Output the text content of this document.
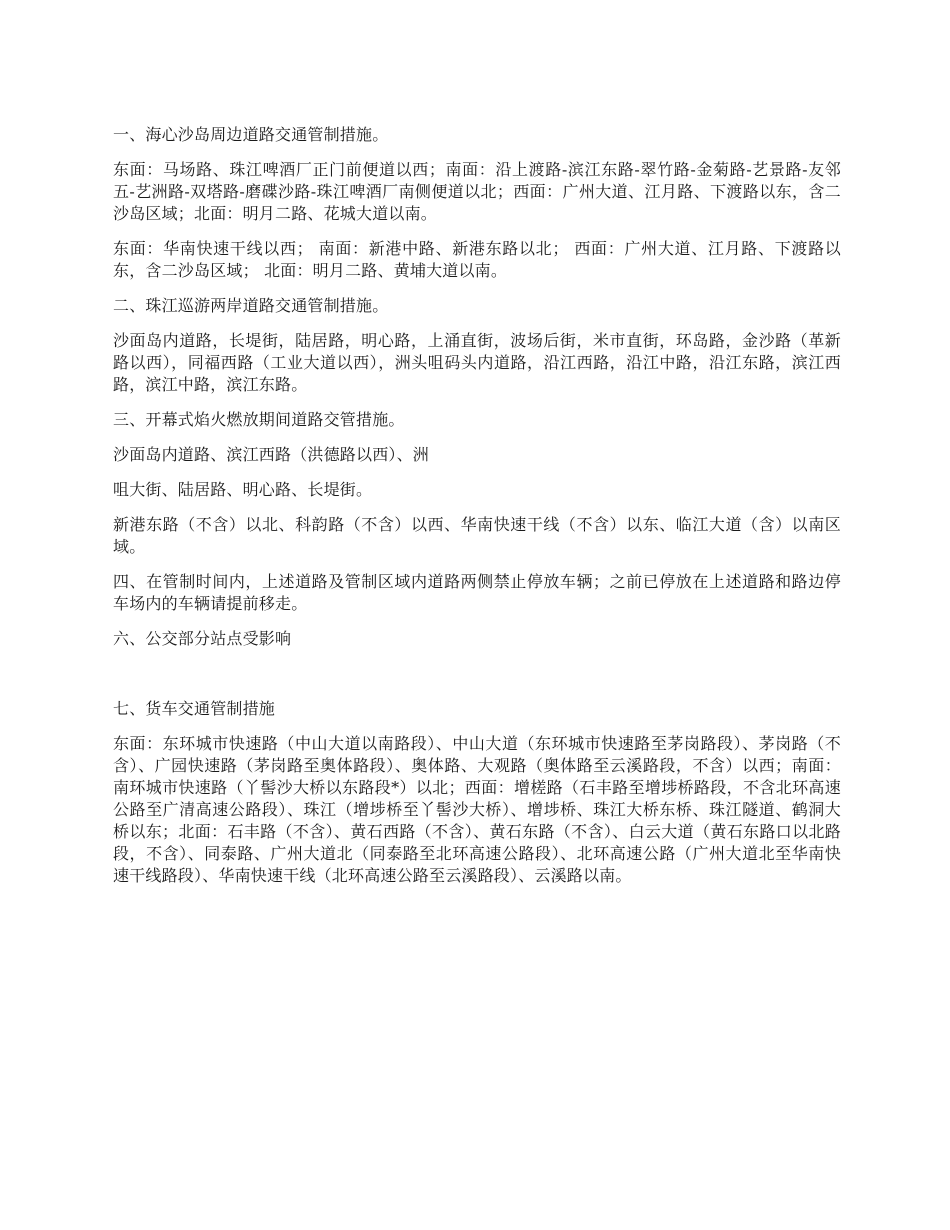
一、海心沙岛周边道路交通管制措施。

东面：马场路、珠江啤酒厂正门前便道以西；南面：沿上渡路-滨江东路-翠竹路-金菊路-艺景路-友邻五-艺洲路-双塔路-磨碟沙路-珠江啤酒厂南侧便道以北；西面：广州大道、江月路、下渡路以东，含二沙岛区域；北面：明月二路、花城大道以南。

东面：华南快速干线以西； 南面：新港中路、新港东路以北； 西面：广州大道、江月路、下渡路以东，含二沙岛区域； 北面：明月二路、黄埔大道以南。

二、珠江巡游两岸道路交通管制措施。

沙面岛内道路，长堤街，陆居路，明心路，上涌直街，波场后街，米市直街，环岛路，金沙路（革新路以西），同福西路（工业大道以西），洲头咀码头内道路，沿江西路，沿江中路，沿江东路，滨江西路，滨江中路，滨江东路。

三、开幕式焰火燃放期间道路交管措施。

沙面岛内道路、滨江西路（洪德路以西）、洲

咀大街、陆居路、明心路、长堤街。

新港东路（不含）以北、科韵路（不含）以西、华南快速干线（不含）以东、临江大道（含）以南区域。

四、在管制时间内，上述道路及管制区域内道路两侧禁止停放车辆；之前已停放在上述道路和路边停车场内的车辆请提前移走。

六、公交部分站点受影响

七、货车交通管制措施

东面：东环城市快速路（中山大道以南路段）、中山大道（东环城市快速路至茅岗路段）、茅岗路（不含）、广园快速路（茅岗路至奥体路段）、奥体路、大观路（奥体路至云溪路段，不含）以西；南面：南环城市快速路（丫髻沙大桥以东路段*）以北；西面：增槎路（石丰路至增埗桥路段，不含北环高速公路至广清高速公路段）、珠江（增埗桥至丫髻沙大桥）、增埗桥、珠江大桥东桥、珠江隧道、鹤洞大桥以东；北面：石丰路（不含）、黄石西路（不含）、黄石东路（不含）、白云大道（黄石东路口以北路段，不含）、同泰路、广州大道北（同泰路至北环高速公路段）、北环高速公路（广州大道北至华南快速干线路段）、华南快速干线（北环高速公路至云溪路段）、云溪路以南。
